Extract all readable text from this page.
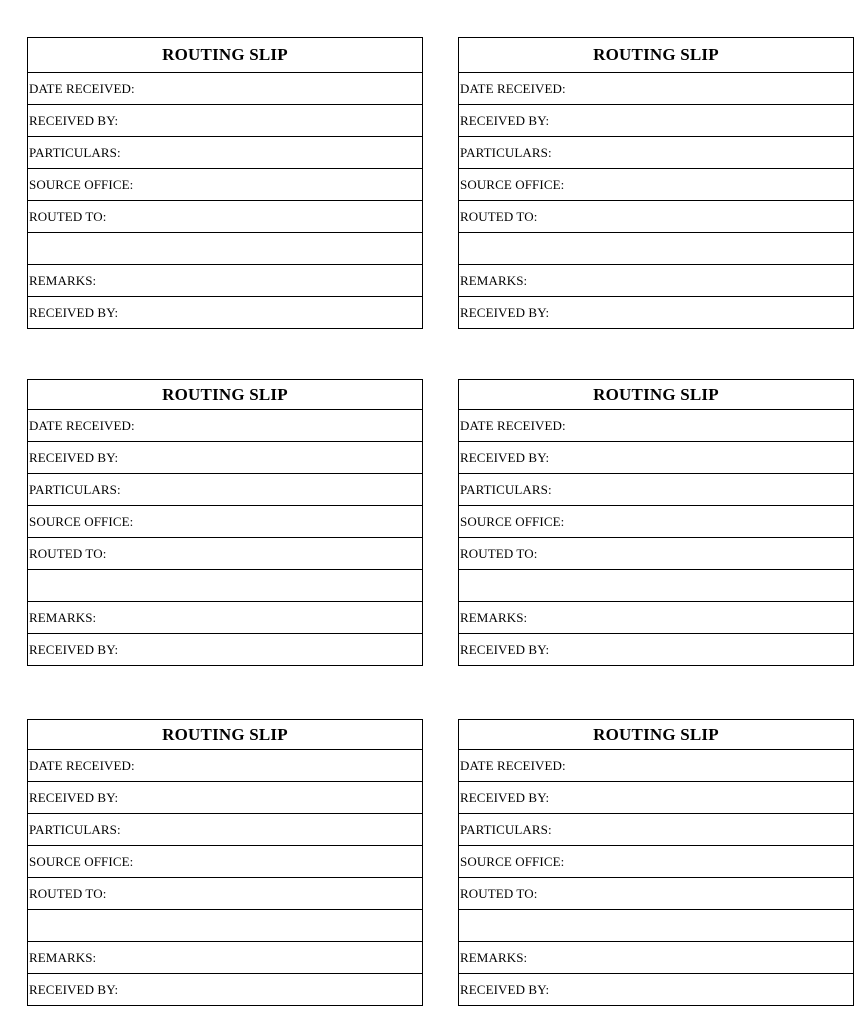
ROUTING SLIP
DATE RECEIVED:
RECEIVED BY:
PARTICULARS:
SOURCE OFFICE:
ROUTED TO:
REMARKS:
RECEIVED BY:
ROUTING SLIP
DATE RECEIVED:
RECEIVED BY:
PARTICULARS:
SOURCE OFFICE:
ROUTED TO:
REMARKS:
RECEIVED BY:
ROUTING SLIP
DATE RECEIVED:
RECEIVED BY:
PARTICULARS:
SOURCE OFFICE:
ROUTED TO:
REMARKS:
RECEIVED BY:
ROUTING SLIP
DATE RECEIVED:
RECEIVED BY:
PARTICULARS:
SOURCE OFFICE:
ROUTED TO:
REMARKS:
RECEIVED BY:
ROUTING SLIP
DATE RECEIVED:
RECEIVED BY:
PARTICULARS:
SOURCE OFFICE:
ROUTED TO:
REMARKS:
RECEIVED BY:
ROUTING SLIP
DATE RECEIVED:
RECEIVED BY:
PARTICULARS:
SOURCE OFFICE:
ROUTED TO:
REMARKS:
RECEIVED BY:
